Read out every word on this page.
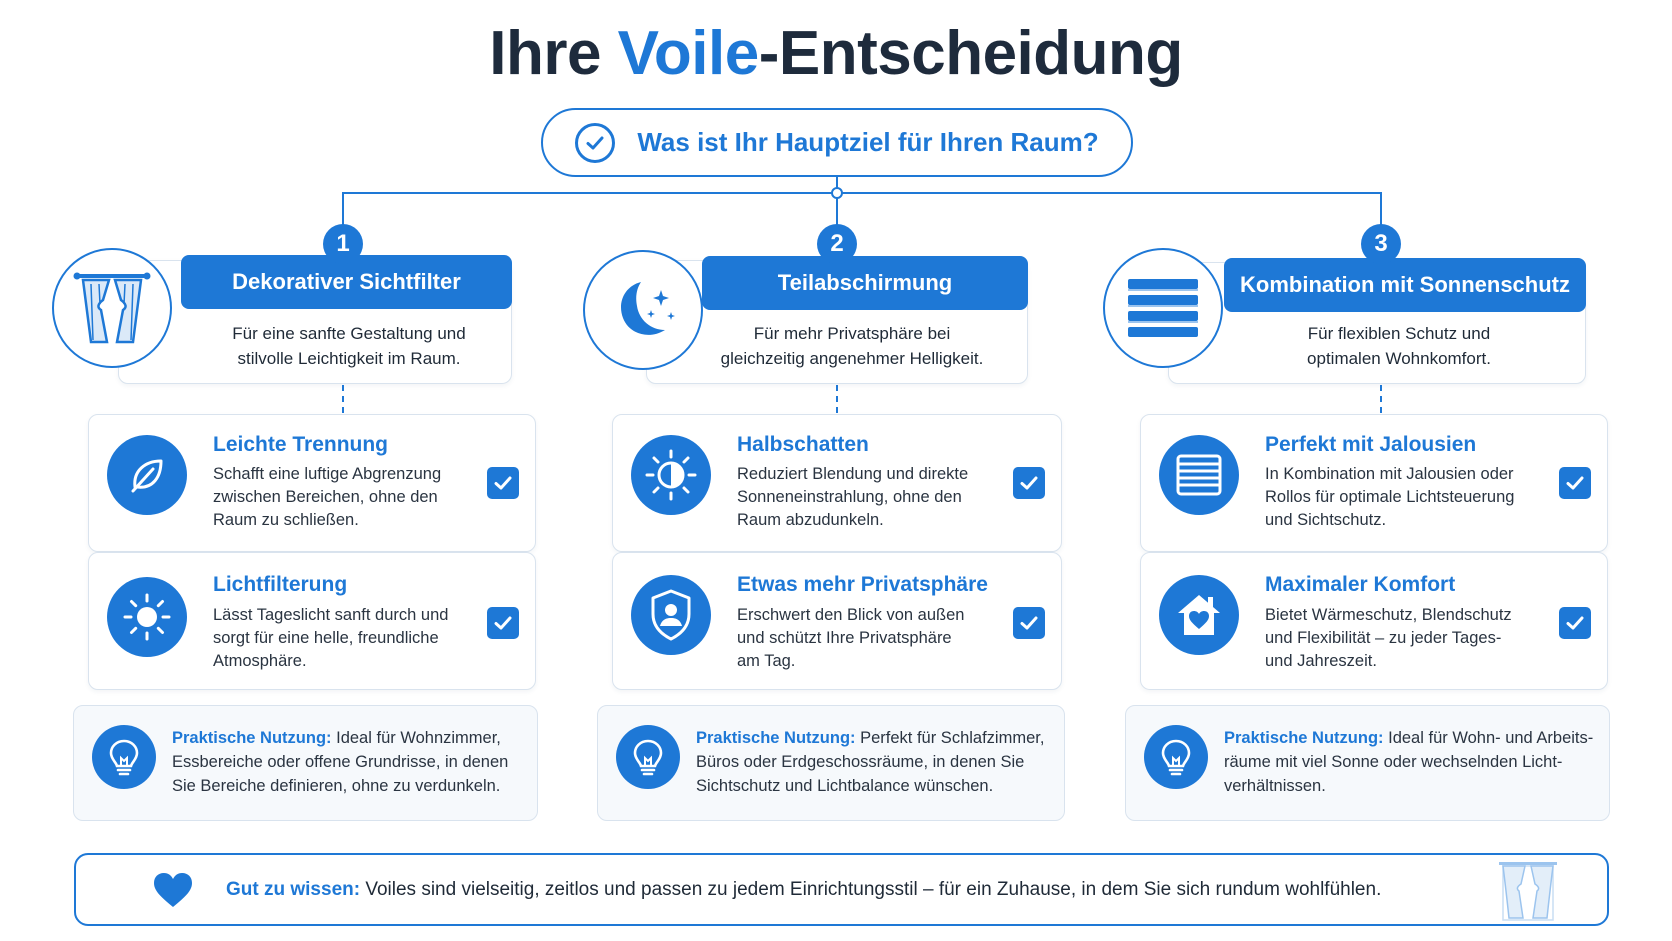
Ihre Voile-Entscheidung
Was ist Ihr Hauptziel für Ihren Raum?
1
Für eine sanfte Gestaltung und
stilvolle Leichtigkeit im Raum.
Dekorativer Sichtfilter
Leichte Trennung
Schafft eine luftige Abgrenzung
zwischen Bereichen, ohne den
Raum zu schließen.
Lichtfilterung
Lässt Tageslicht sanft durch und
sorgt für eine helle, freundliche
Atmosphäre.
Praktische Nutzung: Ideal für Wohnzimmer,
Essbereiche oder offene Grundrisse, in denen
Sie Bereiche definieren, ohne zu verdunkeln.
2
Für mehr Privatsphäre bei
gleichzeitig angenehmer Helligkeit.
Teilabschirmung
Halbschatten
Reduziert Blendung und direkte
Sonneneinstrahlung, ohne den
Raum abzudunkeln.
Etwas mehr Privatsphäre
Erschwert den Blick von außen
und schützt Ihre Privatsphäre
am Tag.
Praktische Nutzung: Perfekt für Schlafzimmer,
Büros oder Erdgeschossräume, in denen Sie
Sichtschutz und Lichtbalance wünschen.
3
Für flexiblen Schutz und
optimalen Wohnkomfort.
Kombination mit Sonnenschutz
Perfekt mit Jalousien
In Kombination mit Jalousien oder
Rollos für optimale Lichtsteuerung
und Sichtschutz.
Maximaler Komfort
Bietet Wärmeschutz, Blendschutz
und Flexibilität – zu jeder Tages-
und Jahreszeit.
Praktische Nutzung: Ideal für Wohn- und Arbeits-
räume mit viel Sonne oder wechselnden Licht-
verhältnissen.
Gut zu wissen: Voiles sind vielseitig, zeitlos und passen zu jedem Einrichtungsstil – für ein Zuhause, in dem Sie sich rundum wohlfühlen.
